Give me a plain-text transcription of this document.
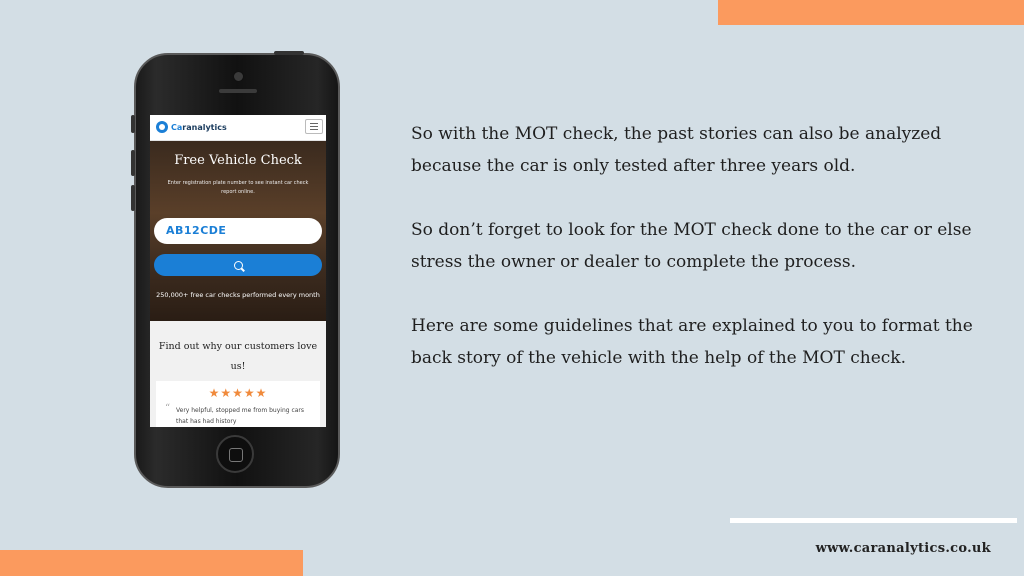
So with the MOT check, the past stories can also be analyzed because the car is only tested after three years old.

So don’t forget to look for the MOT check done to the car or else stress the owner or dealer to complete the process.

Here are some guidelines that are explained to you to format the back story of the vehicle with the help of the MOT check.

www.caranalytics.co.uk
Caranalytics
Free Vehicle Check
Enter registration plate number to see instant car check report online.
AB12CDE
250,000+ free car checks performed every month
Find out why our customers love us!
★★★★★
“ Very helpful, stopped me from buying cars that has had history
